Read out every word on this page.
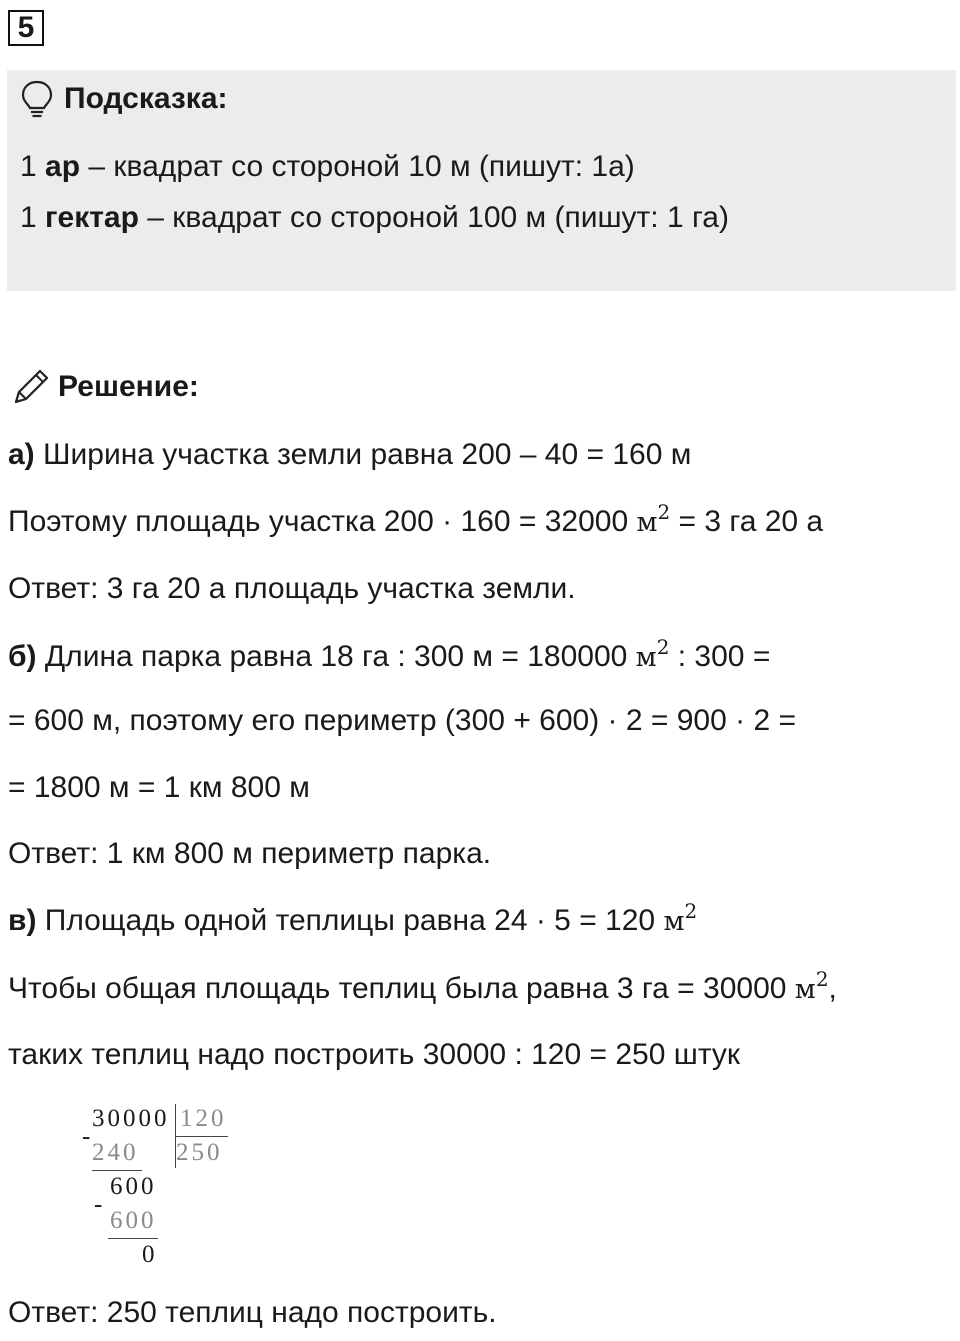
5
Подсказка:
1 ар – квадрат со стороной 10 м (пишут: 1а)
1 гектар – квадрат со стороной 100 м (пишут: 1 га)
Решение:
а) Ширина участка земли равна 200 – 40 = 160 м
Поэтому площадь участка 200 · 160 = 32000 $м^2 = 3$ га 20 а
Ответ: 3 га 20 а площадь участка земли.
б) Длина парка равна 18 га : 300 м = 180000 $м^2$ : 300 =
= 600 м, поэтому его периметр (300 + 600) · 2 = 900 · 2 =
= 1800 м = 1 км 800 м
Ответ: 1 км 800 м периметр парка.
в) Площадь одной теплицы равна 24 · 5 = 120 $м^2$
Чтобы общая площадь теплиц была равна 3 га = 30000 $м^2$,
таких теплиц надо построить 30000 : 120 = 250 штук
30000 120
250
-
240
600
-
600
0
Ответ: 250 теплиц надо построить.
